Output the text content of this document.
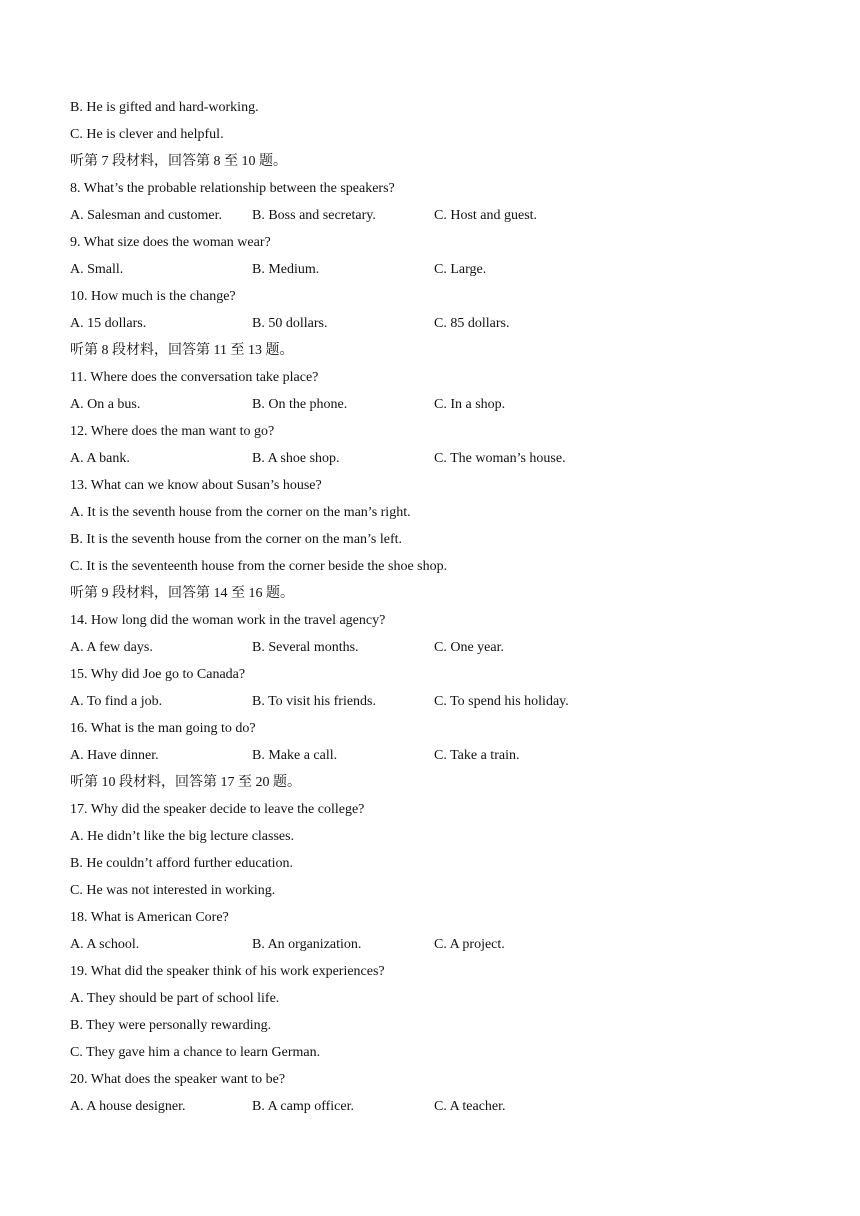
B. He is gifted and hard-working.
C. He is clever and helpful.
听第 7 段材料，回答第 8 至 10 题。
8. What’s the probable relationship between the speakers?
A. Salesman and customer.	B. Boss and secretary.	C. Host and guest.
9. What size does the woman wear?
A. Small.	B. Medium.	C. Large.
10. How much is the change?
A. 15 dollars.	B. 50 dollars.	C. 85 dollars.
听第 8 段材料，回答第 11 至 13 题。
11. Where does the conversation take place?
A. On a bus.	B. On the phone.	C. In a shop.
12. Where does the man want to go?
A. A bank.	B. A shoe shop.	C. The woman’s house.
13. What can we know about Susan’s house?
A. It is the seventh house from the corner on the man’s right.
B. It is the seventh house from the corner on the man’s left.
C. It is the seventeenth house from the corner beside the shoe shop.
听第 9 段材料，回答第 14 至 16 题。
14. How long did the woman work in the travel agency?
A. A few days.	B. Several months.	C. One year.
15. Why did Joe go to Canada?
A. To find a job.	B. To visit his friends.	C. To spend his holiday.
16. What is the man going to do?
A. Have dinner.	B. Make a call.	C. Take a train.
听第 10 段材料，回答第 17 至 20 题。
17. Why did the speaker decide to leave the college?
A. He didn’t like the big lecture classes.
B. He couldn’t afford further education.
C. He was not interested in working.
18. What is American Core?
A. A school.	B. An organization.	C. A project.
19. What did the speaker think of his work experiences?
A. They should be part of school life.
B. They were personally rewarding.
C. They gave him a chance to learn German.
20. What does the speaker want to be?
A. A house designer.	B. A camp officer.	C. A teacher.
